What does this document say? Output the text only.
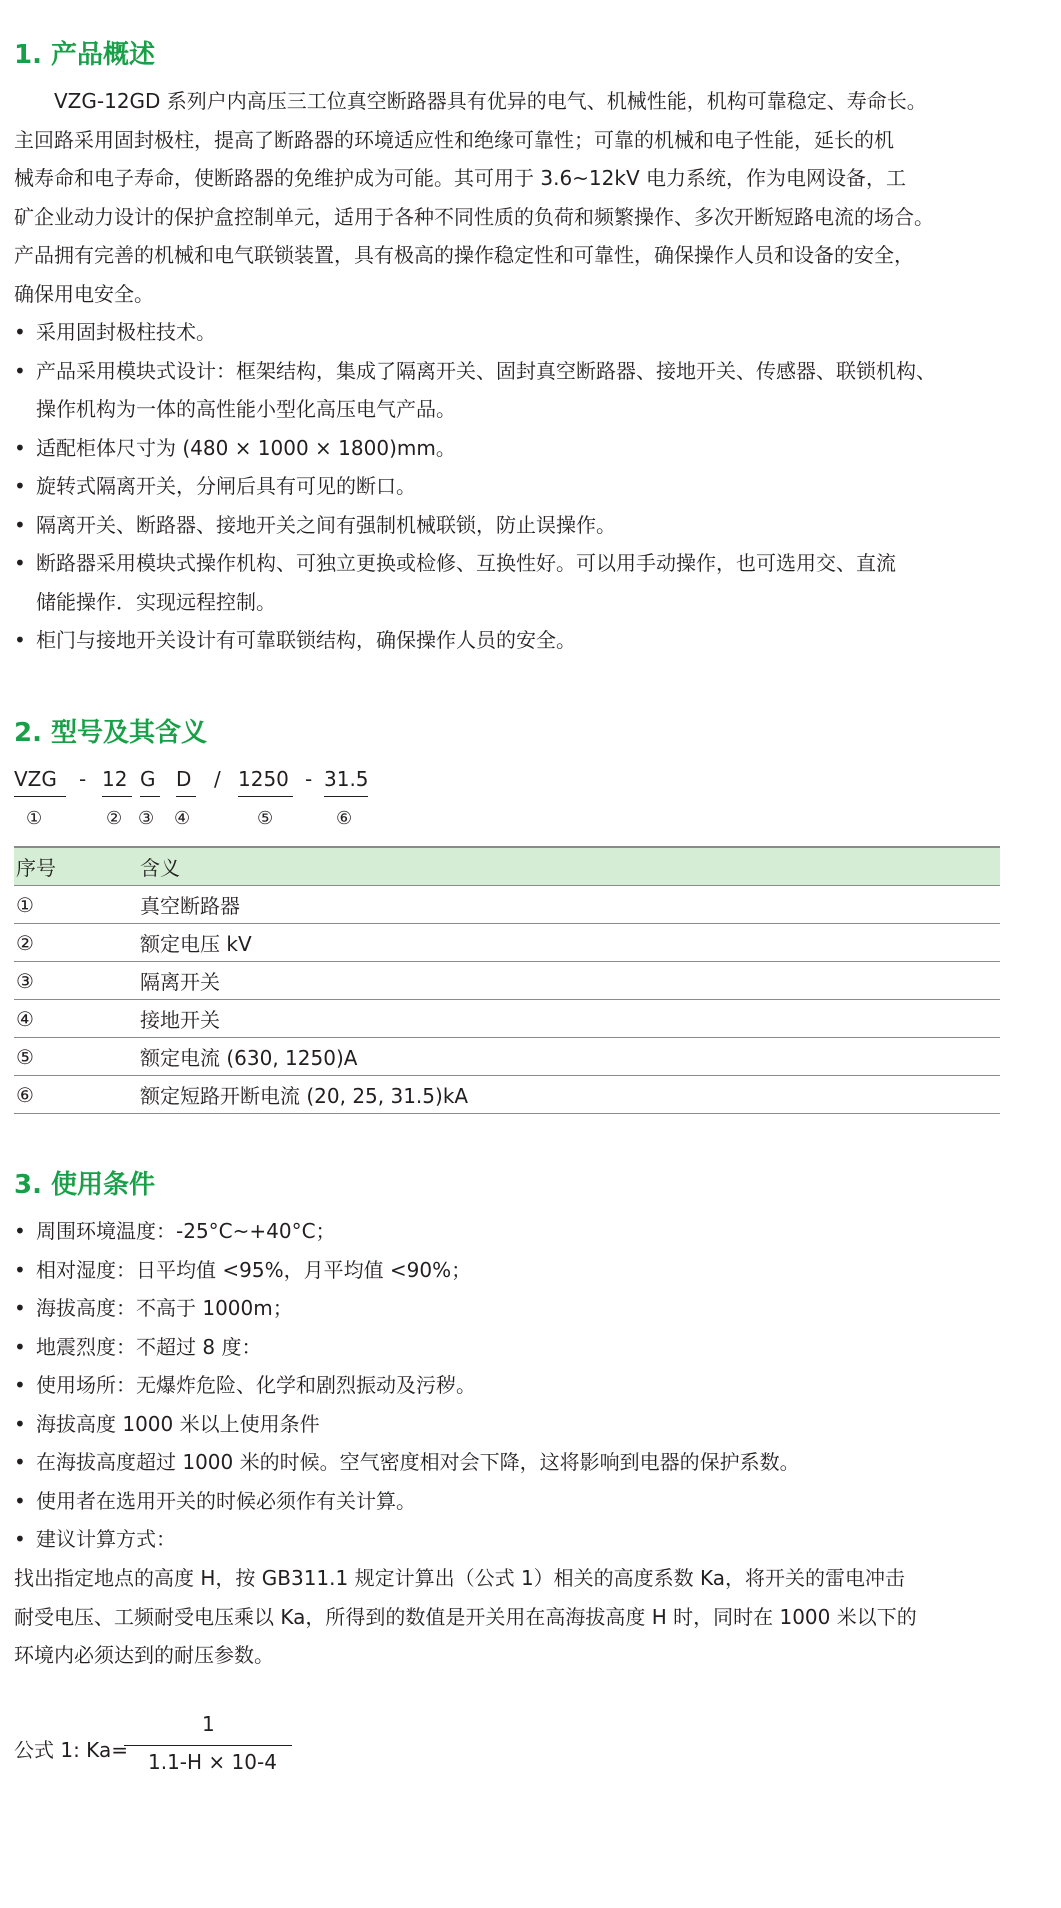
1. 产品概述
　　VZG-12GD 系列户内高压三工位真空断路器具有优异的电气、机械性能，机构可靠稳定、寿命长。
主回路采用固封极柱，提高了断路器的环境适应性和绝缘可靠性；可靠的机械和电子性能，延长的机
械寿命和电子寿命，使断路器的免维护成为可能。其可用于 3.6~12kV 电力系统，作为电网设备，工
矿企业动力设计的保护盒控制单元，适用于各种不同性质的负荷和频繁操作、多次开断短路电流的场合。
产品拥有完善的机械和电气联锁装置，具有极高的操作稳定性和可靠性，确保操作人员和设备的安全，
确保用电安全。
• 采用固封极柱技术。
• 产品采用模块式设计：框架结构，集成了隔离开关、固封真空断路器、接地开关、传感器、联锁机构、
操作机构为一体的高性能小型化高压电气产品。
• 适配柜体尺寸为 (480 × 1000 × 1800)mm。
• 旋转式隔离开关，分闸后具有可见的断口。
• 隔离开关、断路器、接地开关之间有强制机械联锁，防止误操作。
• 断路器采用模块式操作机构、可独立更换或检修、互换性好。可以用手动操作，也可选用交、直流
储能操作．实现远程控制。
• 柜门与接地开关设计有可靠联锁结构，确保操作人员的安全。
2. 型号及其含义
VZG	- 12 G D / 1250 - 31.5
①	② ③ ④	⑤	⑥
序号	含义
①	真空断路器
②	额定电压 kV
③	隔离开关
④	接地开关
⑤	额定电流 (630, 1250)A
⑥	额定短路开断电流 (20, 25, 31.5)kA
3. 使用条件
• 周围环境温度：-25°C~+40°C；
• 相对湿度：日平均值 <95%，月平均值 <90%；
• 海拔高度：不高于 1000m；
• 地震烈度：不超过 8 度：
• 使用场所：无爆炸危险、化学和剧烈振动及污秽。
• 海拔高度 1000 米以上使用条件
• 在海拔高度超过 1000 米的时候。空气密度相对会下降，这将影响到电器的保护系数。
• 使用者在选用开关的时候必须作有关计算。
• 建议计算方式：
找出指定地点的高度 H，按 GB311.1 规定计算出（公式 1）相关的高度系数 Ka，将开关的雷电冲击
耐受电压、工频耐受电压乘以 Ka，所得到的数值是开关用在高海拔高度 H 时，同时在 1000 米以下的
环境内必须达到的耐压参数。
公式 1: Ka=
1
1.1-H × 10-4
